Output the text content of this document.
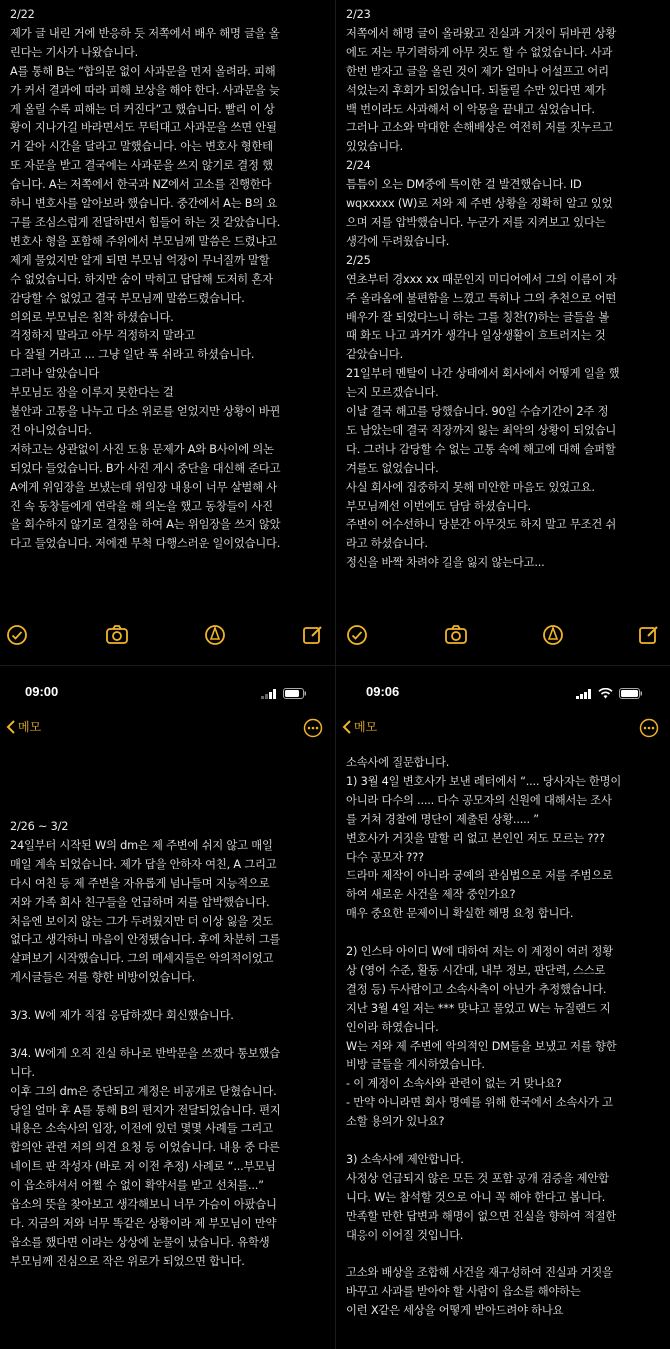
2/22
제가 글 내린 거에 반응하 듯 저쪽에서 배우 해명 글을 올
린다는 기사가 나왔습니다.
A를 통해 B는 “합의문 없이 사과문을 먼저 올려라. 피해
가 커서 결과에 따라 피해 보상을 해야 한다. 사과문을 늦
게 올릴 수록 피해는 더 커진다”고 했습니다. 빨리 이 상
황이 지나가길 바라면서도 무턱대고 사과문을 쓰면 안될
거 같아 시간을 달라고 말했습니다. 아는 변호사 형한테
또 자문을 받고 결국에는 사과문을 쓰지 않기로 결정 했
습니다. A는 저쪽에서 한국과 NZ에서 고소를 진행한다
하니 변호사를 알아보라 했습니다. 중간에서 A는 B의 요
구를 조심스럽게 전달하면서 힘들어 하는 것 같았습니다.
변호사 형을 포함해 주위에서 부모님께 말씀은 드렸냐고
제게 물었지만 알게 되면 부모님 억장이 무너질까 말할
수 없었습니다. 하지만 숨이 막히고 답답해 도저히 혼자
감당할 수 없었고 결국 부모님께 말씀드렸습니다.
의외로 부모님은 침착 하셨습니다.
걱정하지 말라고 아무 걱정하지 말라고
다 잘될 거라고 ... 그냥 일단 푹 쉬라고 하셨습니다.
그러나 알았습니다
부모님도 잠을 이루지 못한다는 걸
불안과 고통을 나누고 다소 위로를 얻었지만 상황이 바뀐
건 아니었습니다.
저하고는 상관없이 사진 도용 문제가 A와 B사이에 의논
되었다 들었습니다. B가 사진 게시 중단을 대신해 준다고
A에게 위임장을 보냈는데 위임장 내용이 너무 살벌해 사
진 속 동창들에게 연락을 해 의논을 했고 동창들이 사진
을 회수하지 않기로 결정을 하여 A는 위임장을 쓰지 않았
다고 들었습니다. 저에겐 무척 다행스러운 일이었습니다.
2/23
저쪽에서 해명 글이 올라왔고 진실과 거짓이 뒤바뀐 상황
에도 저는 무기력하게 아무 것도 할 수 없었습니다. 사과
한번 받자고 글을 올린 것이 제가 얼마나 어설프고 어리
석었는지 후회가 되었습니다. 되돌릴 수만 있다면 제가
백 번이라도 사과해서 이 악몽을 끝내고 싶었습니다.
그러나 고소와 막대한 손해배상은 여전히 저를 짓누르고
있었습니다.
2/24
틈틈이 오는 DM중에 특이한 걸 발견했습니다. ID
wqxxxxx (W)로 저와 제 주변 상황을 정확히 알고 있었
으며 저를 압박했습니다. 누군가 저를 지켜보고 있다는
생각에 두려웠습니다.
2/25
연초부터 경xxx xx 때문인지 미디어에서 그의 이름이 자
주 올라옴에 불편함을 느꼈고 특히나 그의 추천으로 어떤
배우가 잘 되었다느니 하는 그를 칭찬(?)하는 글들을 볼
때 화도 나고 과거가 생각나 일상생활이 흐트러지는 것
같았습니다.
21일부터 멘탈이 나간 상태에서 회사에서 어떻게 일을 했
는지 모르겠습니다.
이날 결국 해고를 당했습니다. 90일 수습기간이 2주 정
도 남았는데 결국 직장까지 잃는 최악의 상황이 되었습니
다. 그러나 감당할 수 없는 고통 속에 해고에 대해 슬퍼할
겨를도 없었습니다.
사실 회사에 집중하지 못해 미안한 마음도 있었고요.
부모님께선 이번에도 담담 하셨습니다.
주변이 어수선하니 당분간 아무것도 하지 말고 무조건 쉬
라고 하셨습니다.
정신을 바짝 차려야 길을 잃지 않는다고...
09:00
메모
2/26 ~ 3/2
24일부터 시작된 W의 dm은 제 주변에 쉬지 않고 매일
매일 계속 되었습니다. 제가 답을 안하자 여친, A 그리고
다시 여친 등 제 주변을 자유롭게 넘나들며 지능적으로
저와 가족 회사 친구들을 언급하며 저를 압박했습니다.
처음엔 보이지 않는 그가 두려웠지만 더 이상 잃을 것도
없다고 생각하니 마음이 안정됐습니다. 후에 차분히 그를
살펴보기 시작했습니다. 그의 메세지들은 악의적이었고
게시글들은 저를 향한 비방이었습니다.
3/3. W에 제가 직접 응답하겠다 회신했습니다.
3/4. W에게 오직 진실 하나로 반박문을 쓰겠다 통보했습
니다.
이후 그의 dm은 중단되고 계정은 비공개로 닫혔습니다.
당일 얼마 후 A를 통해 B의 편지가 전달되었습니다. 편지
내용은 소속사의 입장, 이전에 있던 몇몇 사례들 그리고
합의안 관련 저의 의견 요청 등 이었습니다. 내용 중 다른
네이트 판 작성자 (바로 저 이전 추정) 사례로 “...부모님
이 읍소하셔서 어쩔 수 없이 확약서를 받고 선처를...”
읍소의 뜻을 찾아보고 생각해보니 너무 가슴이 아팠습니
다. 지금의 저와 너무 똑같은 상황이라 제 부모님이 만약
읍소를 했다면 이라는 상상에 눈물이 났습니다. 유학생
부모님께 진심으로 작은 위로가 되었으면 합니다.
09:06
메모
소속사에 질문합니다.
1) 3월 4일 변호사가 보낸 레터에서 “.... 당사자는 한명이
아니라 다수의 ..... 다수 공모자의 신원에 대해서는 조사
를 거쳐 경찰에 명단이 제출된 상황..... ”
변호사가 거짓을 말할 리 없고 본인인 저도 모르는 ???
다수 공모자 ???
드라마 제작이 아니라 궁예의 관심법으로 저를 주범으로
하여 새로운 사건을 제작 중인가요?
매우 중요한 문제이니 확실한 해명 요청 합니다.
2) 인스타 아이디 W에 대하여 저는 이 계정이 여러 정황
상 (영어 수준, 활동 시간대, 내부 정보, 판단력, 스스로
결정 등) 두사람이고 소속사측이 아닌가 추정했습니다.
지난 3월 4일 저는 *** 맞냐고 물었고 W는 뉴질랜드 지
인이라 하였습니다.
W는 저와 제 주변에 악의적인 DM들을 보냈고 저를 향한
비방 글들을 게시하였습니다.
- 이 계정이 소속사와 관련이 없는 거 맞나요?
- 만약 아니라면 회사 명예를 위해 한국에서 소속사가 고
소할 용의가 있나요?
3) 소속사에 제안합니다.
사정상 언급되지 않은 모든 것 포함 공개 검증을 제안합
니다. W는 참석할 것으로 아니 꼭 해야 한다고 봅니다.
만족할 만한 답변과 해명이 없으면 진실을 향하여 적절한
대응이 이어질 것입니다.
고소와 배상을 조합해 사건을 재구성하여 진실과 거짓을
바꾸고 사과를 받아야 할 사람이 읍소를 해야하는
이런 X같은 세상을 어떻게 받아드려야 하나요
